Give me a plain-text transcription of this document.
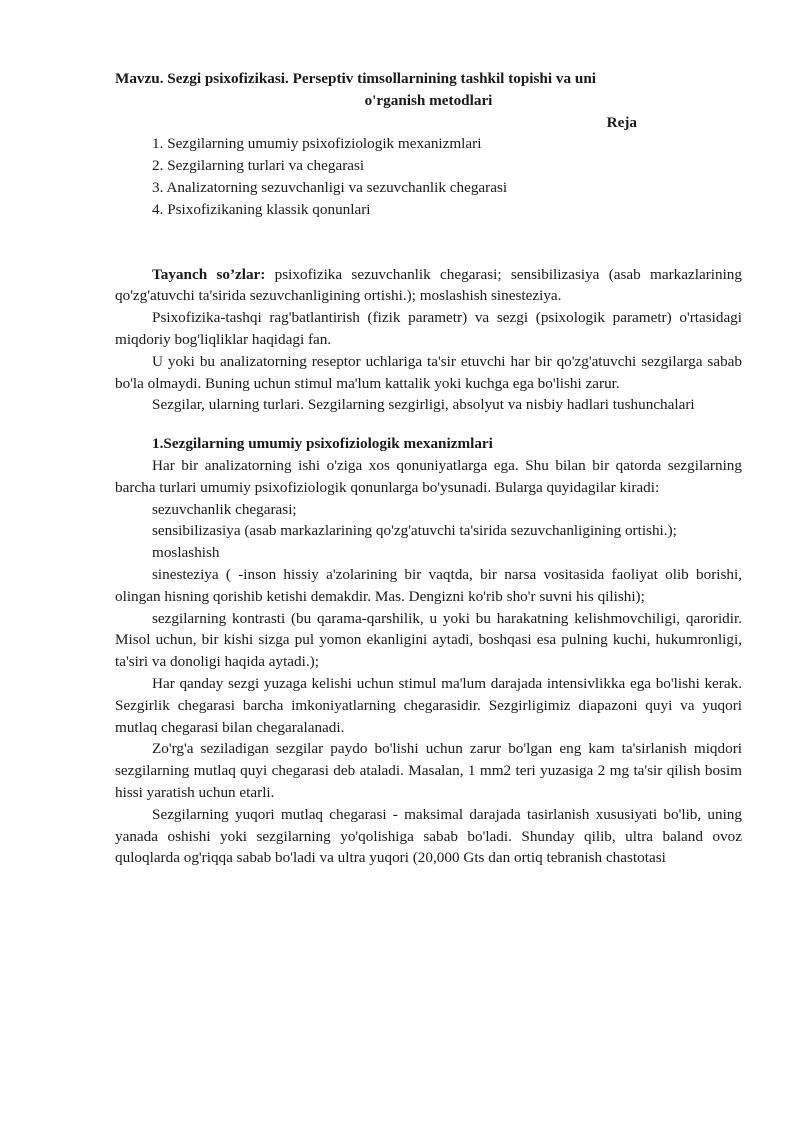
Mavzu. Sezgi psixofizikasi. Perseptiv timsollarnining tashkil topishi va uni
o'rganish metodlari
Reja
1. Sezgilarning umumiy psixofiziologik mexanizmlari
2. Sezgilarning turlari va chegarasi
3. Analizatorning sezuvchanligi va sezuvchanlik chegarasi
4. Psixofizikaning klassik qonunlari

Tayanch so’zlar: psixofizika sezuvchanlik chegarasi; sensibilizasiya (asab markazlarining qo'zg'atuvchi ta'sirida sezuvchanligining ortishi.); moslashish sinesteziya.

Psixofizika-tashqi rag'batlantirish (fizik parametr) va sezgi (psixologik parametr) o'rtasidagi miqdoriy bog'liqliklar haqidagi fan.

U yoki bu analizatorning reseptor uchlariga ta'sir etuvchi har bir qo'zg'atuvchi sezgilarga sabab bo'la olmaydi. Buning uchun stimul ma'lum kattalik yoki kuchga ega bo'lishi zarur.

Sezgilar, ularning turlari. Sezgilarning sezgirligi, absolyut va nisbiy hadlari tushunchalari

1.Sezgilarning umumiy psixofiziologik mexanizmlari

Har bir analizatorning ishi o'ziga xos qonuniyatlarga ega. Shu bilan bir qatorda sezgilarning barcha turlari umumiy psixofiziologik qonunlarga bo'ysunadi. Bularga quyidagilar kiradi:

sezuvchanlik chegarasi;

sensibilizasiya (asab markazlarining qo'zg'atuvchi ta'sirida sezuvchanligining ortishi.);

moslashish

sinesteziya ( -inson hissiy a'zolarining bir vaqtda, bir narsa vositasida faoliyat olib borishi, olingan hisning qorishib ketishi demakdir. Mas. Dengizni ko'rib sho'r suvni his qilishi);

sezgilarning kontrasti (bu qarama-qarshilik, u yoki bu harakatning kelishmovchiligi, qaroridir. Misol uchun, bir kishi sizga pul yomon ekanligini aytadi, boshqasi esa pulning kuchi, hukumronligi, ta'siri va donoligi haqida aytadi.);

Har qanday sezgi yuzaga kelishi uchun stimul ma'lum darajada intensivlikka ega bo'lishi kerak. Sezgirlik chegarasi barcha imkoniyatlarning chegarasidir. Sezgirligimiz diapazoni quyi va yuqori mutlaq chegarasi bilan chegaralanadi.

Zo'rg'a seziladigan sezgilar paydo bo'lishi uchun zarur bo'lgan eng kam ta'sirlanish miqdori sezgilarning mutlaq quyi chegarasi deb ataladi. Masalan, 1 mm2 teri yuzasiga 2 mg ta'sir qilish bosim hissi yaratish uchun etarli.

Sezgilarning yuqori mutlaq chegarasi - maksimal darajada tasirlanish xususiyati bo'lib, uning yanada oshishi yoki sezgilarning yo'qolishiga sabab bo'ladi. Shunday qilib, ultra baland ovoz quloqlarda og'riqqa sabab bo'ladi va ultra yuqori (20,000 Gts dan ortiq tebranish chastotasi
